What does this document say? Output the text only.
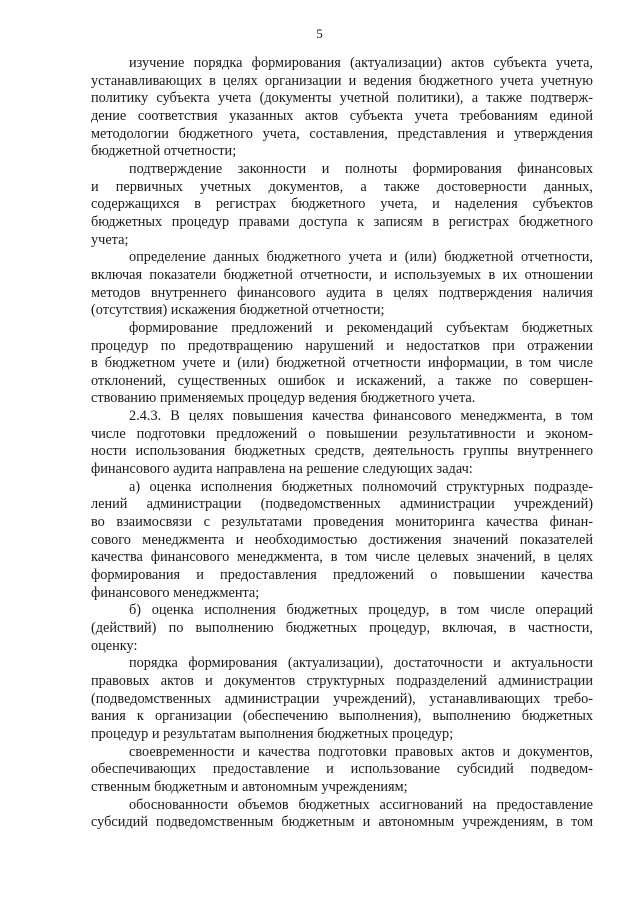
5
изучение порядка формирования (актуализации) актов субъекта учета,
устанавливающих в целях организации и ведения бюджетного учета учетную
политику субъекта учета (документы учетной политики), а также подтверж-
дение соответствия указанных актов субъекта учета требованиям единой
методологии бюджетного учета, составления, представления и утверждения
бюджетной отчетности;
подтверждение законности и полноты формирования финансовых
и первичных учетных документов, а также достоверности данных,
содержащихся в регистрах бюджетного учета, и наделения субъектов
бюджетных процедур правами доступа к записям в регистрах бюджетного
учета;
определение данных бюджетного учета и (или) бюджетной отчетности,
включая показатели бюджетной отчетности, и используемых в их отношении
методов внутреннего финансового аудита в целях подтверждения наличия
(отсутствия) искажения бюджетной отчетности;
формирование предложений и рекомендаций субъектам бюджетных
процедур по предотвращению нарушений и недостатков при отражении
в бюджетном учете и (или) бюджетной отчетности информации, в том числе
отклонений, существенных ошибок и искажений, а также по совершен-
ствованию применяемых процедур ведения бюджетного учета.
2.4.3. В целях повышения качества финансового менеджмента, в том
числе подготовки предложений о повышении результативности и эконом-
ности использования бюджетных средств, деятельность группы внутреннего
финансового аудита направлена на решение следующих задач:
а) оценка исполнения бюджетных полномочий структурных подразде-
лений администрации (подведомственных администрации учреждений)
во взаимосвязи с результатами проведения мониторинга качества финан-
сового менеджмента и необходимостью достижения значений показателей
качества финансового менеджмента, в том числе целевых значений, в целях
формирования и предоставления предложений о повышении качества
финансового менеджмента;
б) оценка исполнения бюджетных процедур, в том числе операций
(действий) по выполнению бюджетных процедур, включая, в частности,
оценку:
порядка формирования (актуализации), достаточности и актуальности
правовых актов и документов структурных подразделений администрации
(подведомственных администрации учреждений), устанавливающих требо-
вания к организации (обеспечению выполнения), выполнению бюджетных
процедур и результатам выполнения бюджетных процедур;
своевременности и качества подготовки правовых актов и документов,
обеспечивающих предоставление и использование субсидий подведом-
ственным бюджетным и автономным учреждениям;
обоснованности объемов бюджетных ассигнований на предоставление
субсидий подведомственным бюджетным и автономным учреждениям, в том
